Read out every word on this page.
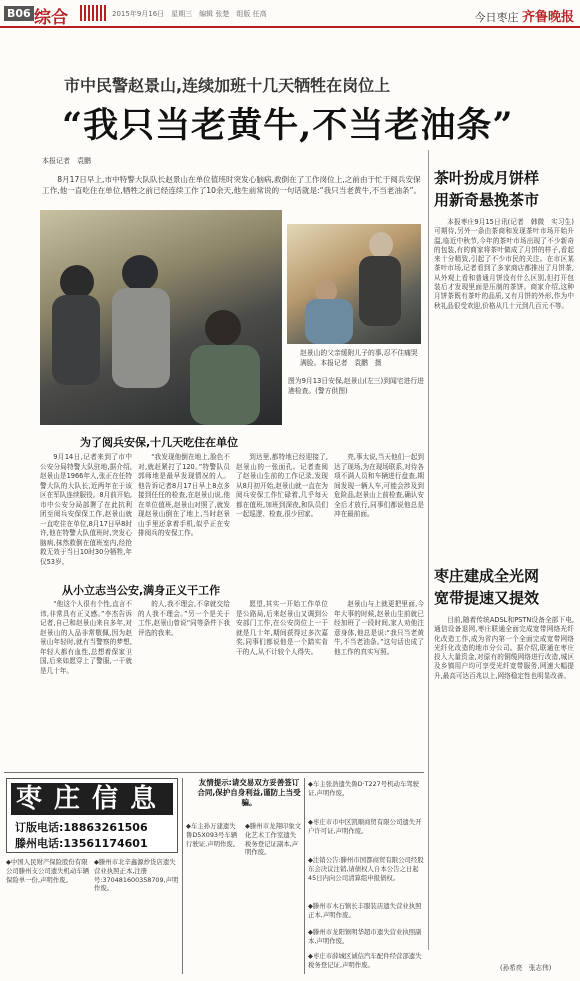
B06 综合	2015年9月16日　星期三　编辑 张楚　组版 任高	今日枣庄 齐鲁晚报
市中民警赵景山,连续加班十几天牺牲在岗位上
“我只当老黄牛,不当老油条”
本报记者　袁鹏
8月17日早上,市中特警大队队长赵景山在单位值班时突发心脑病,救倒在了工作岗位上,之前由于忙于阅兵安保工作,他一直吃住在单位,牺牲之前已经连续工作了10余天,他生前常说的一句话就是:“我只当老黄牛,不当老油条”。
赵景山的父亲缓附儿子的事,忍不住痛哭满脸。本报记者　袁鹏　摄
图为9月13日安保,赵景山(左三)到闻宅进行进港检查。(警方供图)
为了阅兵安保,十几天吃住在单位
9月14日,记者来到了市中公安分局特警大队驻地,据介绍,赵景山是1966年人,张正在任特警大队的大队长,近两年在于该区在军队连续服役。8月前开始,市中公安分局部署了在此抗利团至阅兵安保保工作,赵景山就一直吃住在单位,8月17日早8时许,他在特警大队值班时,突发心脑病,抹然救倒在值班室内,经抢救无效于当日10时30分牺牲,年仅53岁。
“我发现他倒在地上,脸色不对,就赶紧打了120。”特警队员郭师地是最早发现情况的人。他告诉记者8月17日早上8点多接到任任的检查,在赵景山说,他在单位值班,赵景山对照了,就发现赵景山倒在了地上,当时赵景山手里还拿着手机,似乎正在安排阅兵的安保工作。
到达里,都特地已经迎接了,赵景山的一张面孔。记者查阅了赵景山生前的工作记录,发现从8月初开始,赵景山就一直在为阅兵安保工作忙碌着,几乎每天都在值班,加班到深夜,和队员们一起巡逻、检查,很少回家。
亮,事太说,当天他们一起到达了现场,为在现场联系,对待各项不满人员和车辆进行盘查,期间发现一辆人车,可能会涉及到危险品,赵景山上前检查,确认安全后才放行,同事们都说他总是冲在最前面。
从小立志当公安,满身正义干工作
“他这个人很有个性,直言不讳,非常具有正义感。”李杰告诉记者,自己和赵景山来自多年,对赵景山的人品非常敬佩,因为赵景山年轻时,就有当警察的梦想,年轻人都有血性,总想着保家卫国,后来如愿穿上了警服,一干就是几十年。
的人,我不理会,不拿就交给的人我不理会。”另一个是关于工作,赵景山曾说“同等条件下我评选的我来。
愿望,其实一开始工作单位是公路局,后来赵景山又调到公安部门工作,在公安岗位上一干就是几十年,期间获得过多次嘉奖,同事们都说他是一个踏实肯干的人,从不计较个人得失。
赵景山与上就更把里面,今年大事的时候,赵景山生前就已经加班了一段时间,家人劝他注意身体,他总是说:“我只当老黄牛,不当老油条。”这句话也成了他工作的真实写照。
茶叶扮成月饼样
用新奇悬挽茶市
本报枣庄9月15日讯(记者　韩微　实习生)可期待,另外一条由茶商和发现茶叶市场开始升温,临近中秋节,今年的茶叶市场出现了不少新奇的包装,有的商家将茶叶做成了月饼的样子,看起来十分精致,引起了不少市民的关注。在市区某茶叶市场,记者看到了多家商店都推出了月饼茶,从外观上看和普通月饼没有什么区别,但打开包装后才发现里面是压制的茶饼。商家介绍,这种月饼茶既有茶叶的品质,又有月饼的外形,作为中秋礼品很受欢迎,价格从几十元到几百元不等。
枣庄建成全光网
宽带提速又提效
目前,随着传统ADSL和PSTN设备全部下电,通信设备退网,枣庄联通全面完成宽带网络光纤化改造工作,成为省内第一个全面完成宽带网络光纤化改造的地市分公司。据介绍,联通在枣庄投入大量资金,对原有的铜缆网络进行改造,城区及乡镇用户均可享受光纤宽带服务,网速大幅提升,最高可达百兆以上,网络稳定性也明显改善。
(孙希亮　张志伟)
枣庄信息
订版电话:18863261506
滕州电话:13561174601
友情提示:请交易双方妥善签订合同,保护自身利益,谨防上当受骗。
◆中国人民财产保险股份有限公司滕州支公司遗失机动车辆保险单一份,声明作废。
◆滕州市北辛鑫源炒货店遗失营业执照正本,注册号:370481600358709,声明作废。
◆车主孙万建遗失鲁D5X093号车辆行驶证,声明作废。
◆滕州市龙翔印象文化艺术工作室遗失税务登记证副本,声明作废。
◆车主张浩遗失鲁D·T227号机动车驾驶证,声明作废。
◆枣庄市市中区凯顺商贸有限公司遗失开户许可证,声明作废。
◆注销公告:滕州市国都商贸有限公司经股东会决议注销,请债权人自本公告之日起45日内向公司清算组申报债权。
◆滕州市木石镇长丰服装店遗失营业执照正本,声明作废。
◆滕州市龙阳镇明华超市遗失营业执照副本,声明作废。
◆枣庄市薛城区诚信汽车配件经营部遗失税务登记证,声明作废。
